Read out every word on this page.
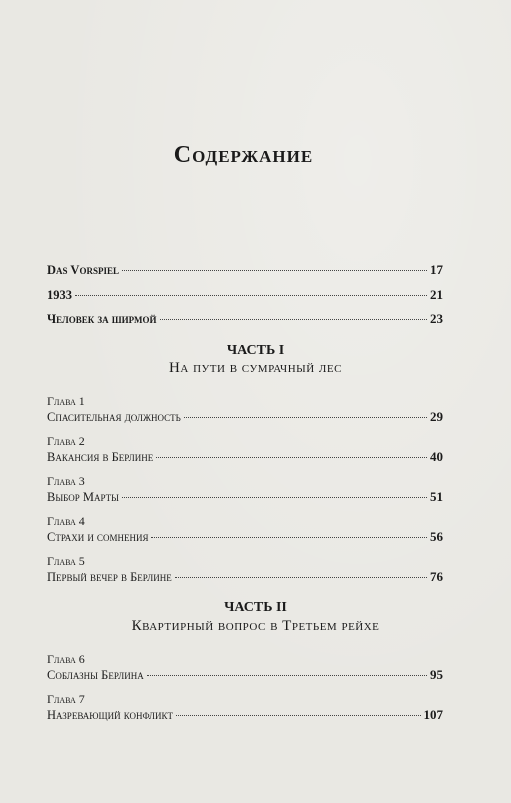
Содержание
Das Vorspiel	17
1933	21
Человек за ширмой	23
ЧАСТЬ I
На пути в сумрачный лес
Глава 1
Спасительная должность	29
Глава 2
Вакансия в Берлине	40
Глава 3
Выбор Марты	51
Глава 4
Страхи и сомнения	56
Глава 5
Первый вечер в Берлине	76
ЧАСТЬ II
Квартирный вопрос в Третьем рейхе
Глава 6
Соблазны Берлина	95
Глава 7
Назревающий конфликт	107
